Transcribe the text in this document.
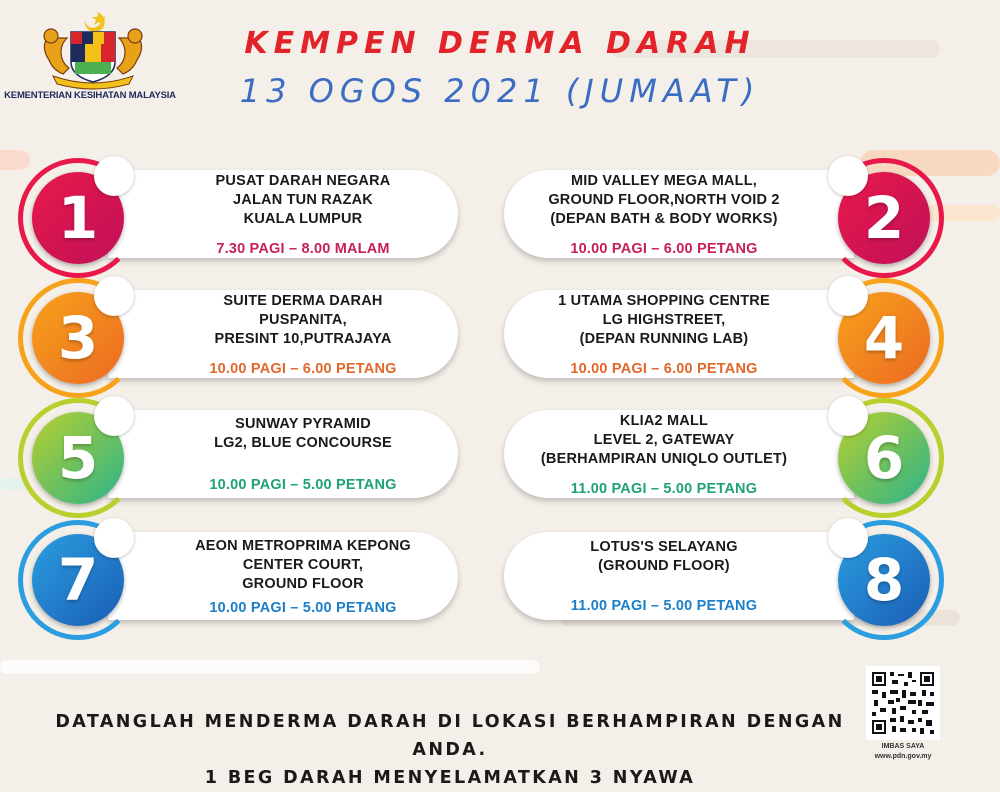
KEMENTERIAN KESIHATAN MALAYSIA
KEMPEN DERMA DARAH
13 OGOS 2021 (JUMAAT)
1
PUSAT DARAH NEGARA
JALAN TUN RAZAK
KUALA LUMPUR
7.30 PAGI – 8.00 MALAM	2
MID VALLEY MEGA MALL,
GROUND FLOOR,NORTH VOID 2
(DEPAN BATH & BODY WORKS)
10.00 PAGI – 6.00 PETANG
3
SUITE DERMA DARAH
PUSPANITA,
PRESINT 10,PUTRAJAYA
10.00 PAGI – 6.00 PETANG	4
1 UTAMA SHOPPING CENTRE
LG HIGHSTREET,
(DEPAN RUNNING LAB)
10.00 PAGI – 6.00 PETANG
5	SUNWAY PYRAMID
LG2, BLUE CONCOURSE
10.00 PAGI – 5.00 PETANG	6
KLIA2 MALL
LEVEL 2, GATEWAY
(BERHAMPIRAN UNIQLO OUTLET)
11.00 PAGI – 5.00 PETANG
7
AEON METROPRIMA KEPONG
CENTER COURT,
GROUND FLOOR
10.00 PAGI – 5.00 PETANG	8
LOTUS'S SELAYANG
(GROUND FLOOR)
11.00 PAGI – 5.00 PETANG
DATANGLAH MENDERMA DARAH DI LOKASI BERHAMPIRAN DENGAN ANDA.
1 BEG DARAH MENYELAMATKAN 3 NYAWA
IMBAS SAYA
www.pdn.gov.my
